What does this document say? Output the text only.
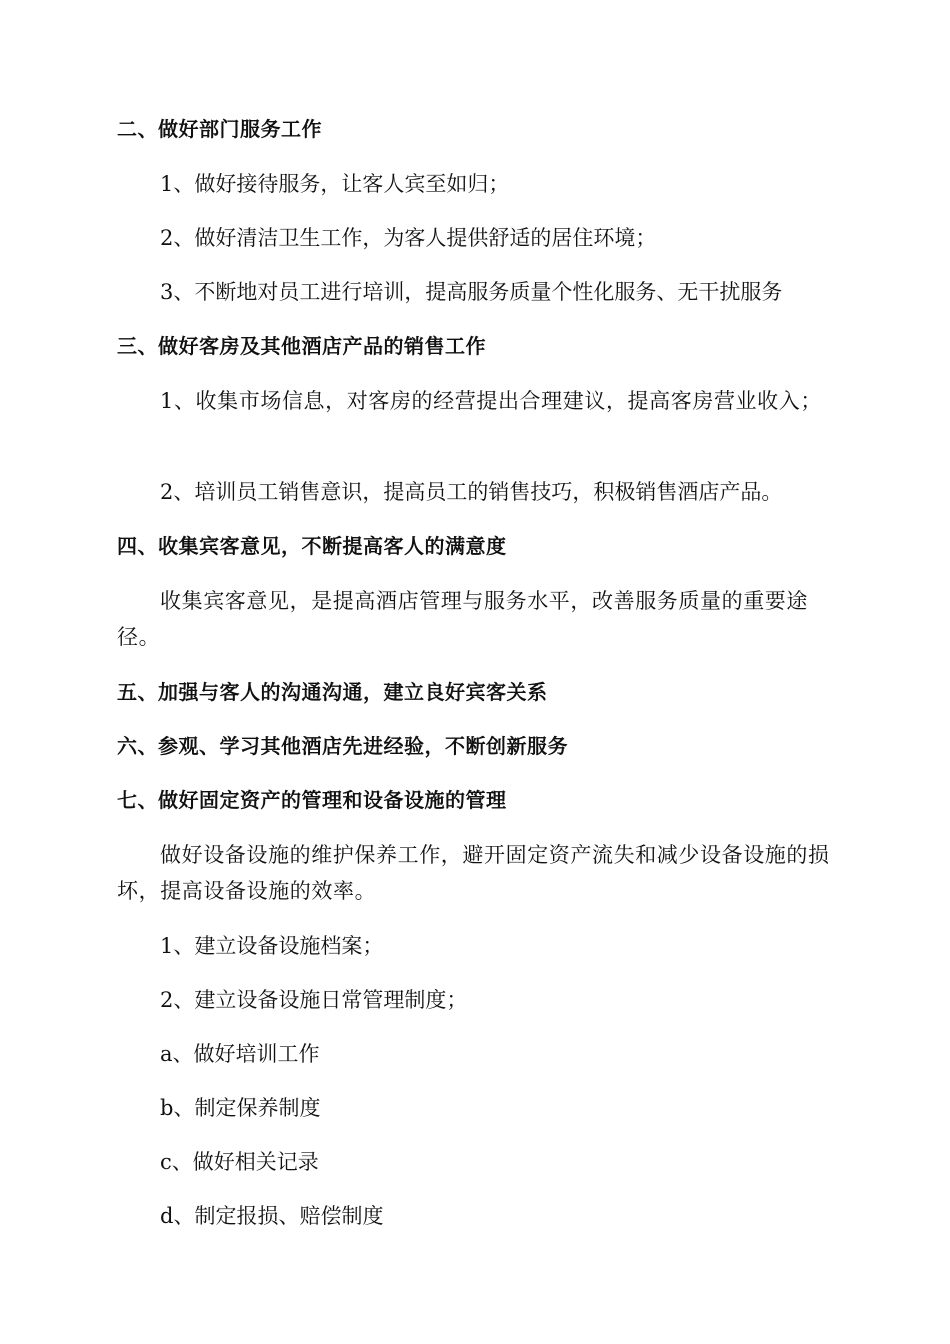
二、做好部门服务工作
1、做好接待服务，让客人宾至如归；
2、做好清洁卫生工作，为客人提供舒适的居住环境；
3、不断地对员工进行培训，提高服务质量个性化服务、无干扰服务
三、做好客房及其他酒店产品的销售工作
1、收集市场信息，对客房的经营提出合理建议，提高客房营业收入；
2、培训员工销售意识，提高员工的销售技巧，积极销售酒店产品。
四、收集宾客意见，不断提高客人的满意度
收集宾客意见，是提高酒店管理与服务水平，改善服务质量的重要途径。
五、加强与客人的沟通沟通，建立良好宾客关系
六、参观、学习其他酒店先进经验，不断创新服务
七、做好固定资产的管理和设备设施的管理
做好设备设施的维护保养工作，避开固定资产流失和减少设备设施的损坏，提高设备设施的效率。
1、建立设备设施档案；
2、建立设备设施日常管理制度；
a、做好培训工作
b、制定保养制度
c、做好相关记录
d、制定报损、赔偿制度
